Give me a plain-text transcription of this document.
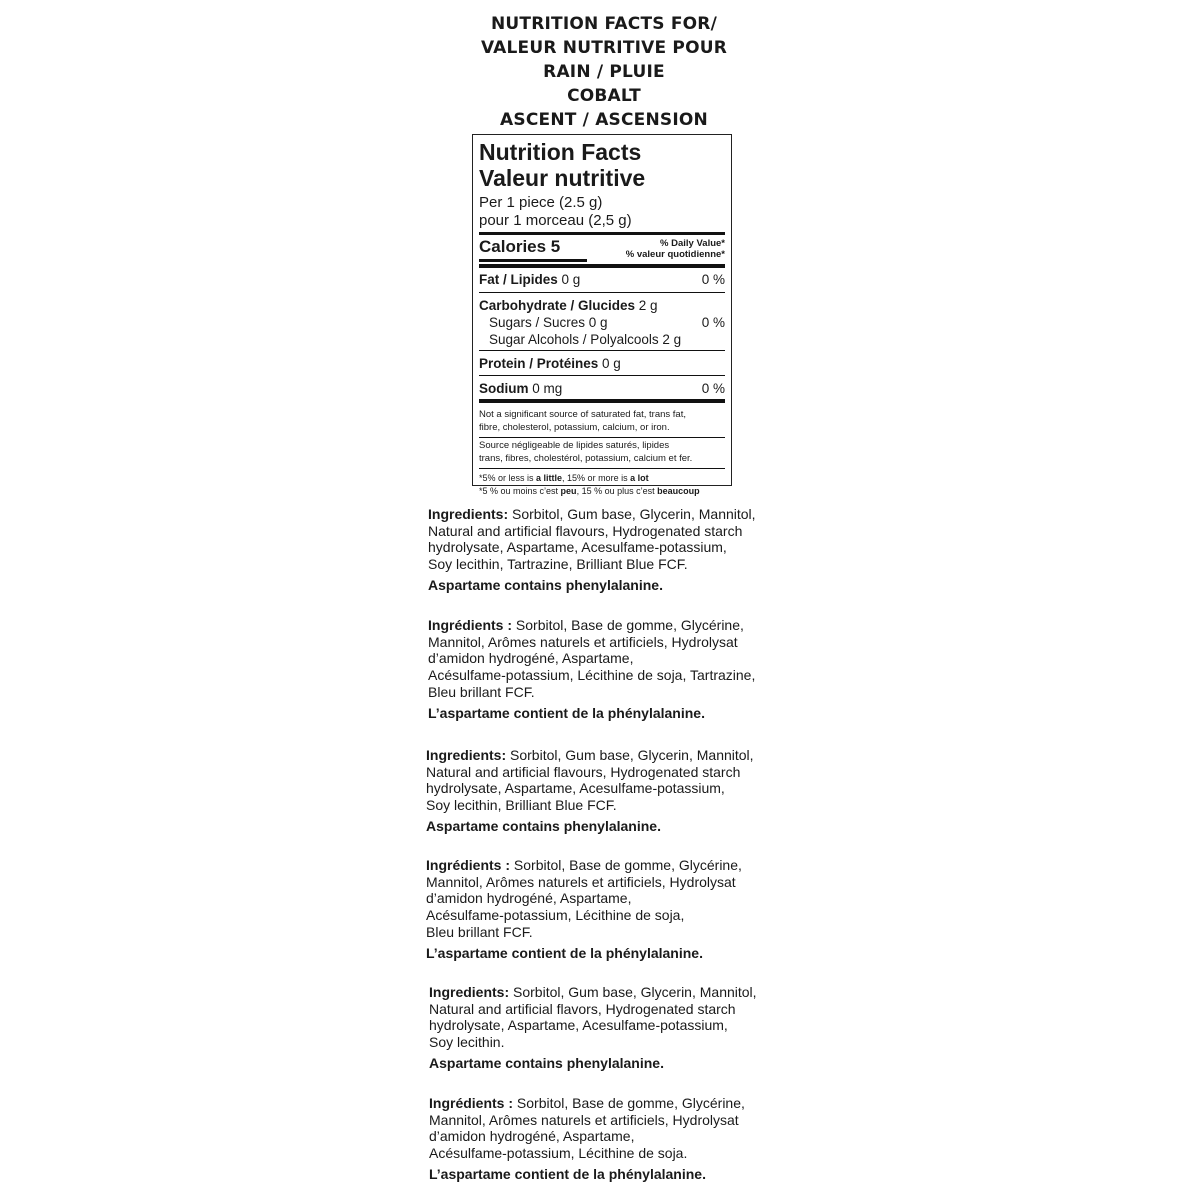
NUTRITION FACTS FOR/
VALEUR NUTRITIVE POUR
RAIN / PLUIE
COBALT
ASCENT / ASCENSION
Nutrition Facts
Valeur nutritive
Per 1 piece (2.5 g)
pour 1 morceau (2,5 g)
Calories 5	% Daily Value*
% valeur quotidienne*
Fat / Lipides 0 g	0 %
Carbohydrate / Glucides 2 g
Sugars / Sucres 0 g	0 %
Sugar Alcohols / Polyalcools 2 g
Protein / Protéines 0 g
Sodium 0 mg	0 %
Not a significant source of saturated fat, trans fat,
fibre, cholesterol, potassium, calcium, or iron.
Source négligeable de lipides saturés, lipides
trans, fibres, cholestérol, potassium, calcium et fer.
*5% or less is a little, 15% or more is a lot
*5 % ou moins c’est peu, 15 % ou plus c’est beaucoup
Ingredients: Sorbitol, Gum base, Glycerin, Mannitol,
Natural and artificial flavours, Hydrogenated starch
hydrolysate, Aspartame, Acesulfame-potassium,
Soy lecithin, Tartrazine, Brilliant Blue FCF.
Aspartame contains phenylalanine.
Ingrédients : Sorbitol, Base de gomme, Glycérine,
Mannitol, Arômes naturels et artificiels, Hydrolysat
d’amidon hydrogéné, Aspartame,
Acésulfame-potassium, Lécithine de soja, Tartrazine,
Bleu brillant FCF.
L’aspartame contient de la phénylalanine.
Ingredients: Sorbitol, Gum base, Glycerin, Mannitol,
Natural and artificial flavours, Hydrogenated starch
hydrolysate, Aspartame, Acesulfame-potassium,
Soy lecithin, Brilliant Blue FCF.
Aspartame contains phenylalanine.
Ingrédients : Sorbitol, Base de gomme, Glycérine,
Mannitol, Arômes naturels et artificiels, Hydrolysat
d’amidon hydrogéné, Aspartame,
Acésulfame-potassium, Lécithine de soja,
Bleu brillant FCF.
L’aspartame contient de la phénylalanine.
Ingredients: Sorbitol, Gum base, Glycerin, Mannitol,
Natural and artificial flavors, Hydrogenated starch
hydrolysate, Aspartame, Acesulfame-potassium,
Soy lecithin.
Aspartame contains phenylalanine.
Ingrédients : Sorbitol, Base de gomme, Glycérine,
Mannitol, Arômes naturels et artificiels, Hydrolysat
d’amidon hydrogéné, Aspartame,
Acésulfame-potassium, Lécithine de soja.
L’aspartame contient de la phénylalanine.
